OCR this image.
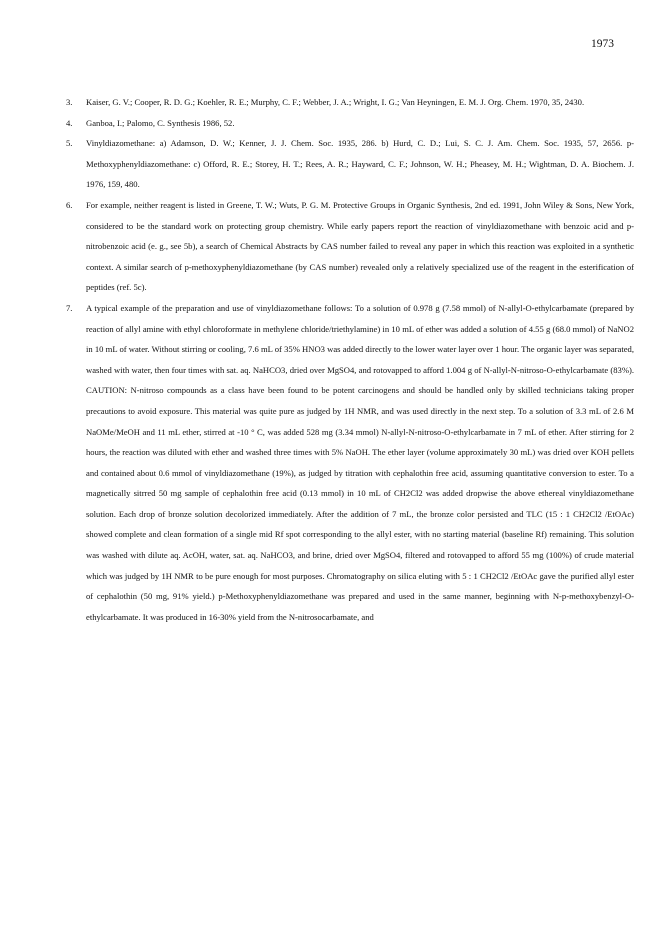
1973
3.	Kaiser, G. V.; Cooper, R. D. G.; Koehler, R. E.; Murphy, C. F.; Webber, J. A.; Wright, I. G.; Van Heyningen, E. M. J. Org. Chem. 1970, 35, 2430.
4.	Ganboa, I.; Palomo, C. Synthesis 1986, 52.
5.	Vinyldiazomethane: a) Adamson, D. W.; Kenner, J. J. Chem. Soc. 1935, 286. b) Hurd, C. D.; Lui, S. C. J. Am. Chem. Soc. 1935, 57, 2656. p-Methoxyphenyldiazomethane: c) Offord, R. E.; Storey, H. T.; Rees, A. R.; Hayward, C. F.; Johnson, W. H.; Pheasey, M. H.; Wightman, D. A. Biochem. J. 1976, 159, 480.
6.	For example, neither reagent is listed in Greene, T. W.; Wuts, P. G. M. Protective Groups in Organic Synthesis, 2nd ed. 1991, John Wiley & Sons, New York, considered to be the standard work on protecting group chemistry. While early papers report the reaction of vinyldiazomethane with benzoic acid and p-nitrobenzoic acid (e. g., see 5b), a search of Chemical Abstracts by CAS number failed to reveal any paper in which this reaction was exploited in a synthetic context. A similar search of p-methoxyphenyldiazomethane (by CAS number) revealed only a relatively specialized use of the reagent in the esterification of peptides (ref. 5c).
7.	A typical example of the preparation and use of vinyldiazomethane follows: To a solution of 0.978 g (7.58 mmol) of N-allyl-O-ethylcarbamate (prepared by reaction of allyl amine with ethyl chloroformate in methylene chloride/triethylamine) in 10 mL of ether was added a solution of 4.55 g (68.0 mmol) of NaNO2 in 10 mL of water. Without stirring or cooling, 7.6 mL of 35% HNO3 was added directly to the lower water layer over 1 hour. The organic layer was separated, washed with water, then four times with sat. aq. NaHCO3, dried over MgSO4, and rotovapped to afford 1.004 g of N-allyl-N-nitroso-O-ethylcarbamate (83%). CAUTION: N-nitroso compounds as a class have been found to be potent carcinogens and should be handled only by skilled technicians taking proper precautions to avoid exposure. This material was quite pure as judged by 1H NMR, and was used directly in the next step. To a solution of 3.3 mL of 2.6 M NaOMe/MeOH and 11 mL ether, stirred at -10 ° C, was added 528 mg (3.34 mmol) N-allyl-N-nitroso-O-ethylcarbamate in 7 mL of ether. After stirring for 2 hours, the reaction was diluted with ether and washed three times with 5% NaOH. The ether layer (volume approximately 30 mL) was dried over KOH pellets and contained about 0.6 mmol of vinyldiazomethane (19%), as judged by titration with cephalothin free acid, assuming quantitative conversion to ester. To a magnetically sitrred 50 mg sample of cephalothin free acid (0.13 mmol) in 10 mL of CH2Cl2 was added dropwise the above ethereal vinyldiazomethane solution. Each drop of bronze solution decolorized immediately. After the addition of 7 mL, the bronze color persisted and TLC (15 : 1 CH2Cl2 /EtOAc) showed complete and clean formation of a single mid Rf spot corresponding to the allyl ester, with no starting material (baseline Rf) remaining. This solution was washed with dilute aq. AcOH, water, sat. aq. NaHCO3, and brine, dried over MgSO4, filtered and rotovapped to afford 55 mg (100%) of crude material which was judged by 1H NMR to be pure enough for most purposes. Chromatography on silica eluting with 5 : 1 CH2Cl2 /EtOAc gave the purified allyl ester of cephalothin (50 mg, 91% yield.) p-Methoxyphenyldiazomethane was prepared and used in the same manner, beginning with N-p-methoxybenzyl-O-ethylcarbamate. It was produced in 16-30% yield from the N-nitrosocarbamate, and
